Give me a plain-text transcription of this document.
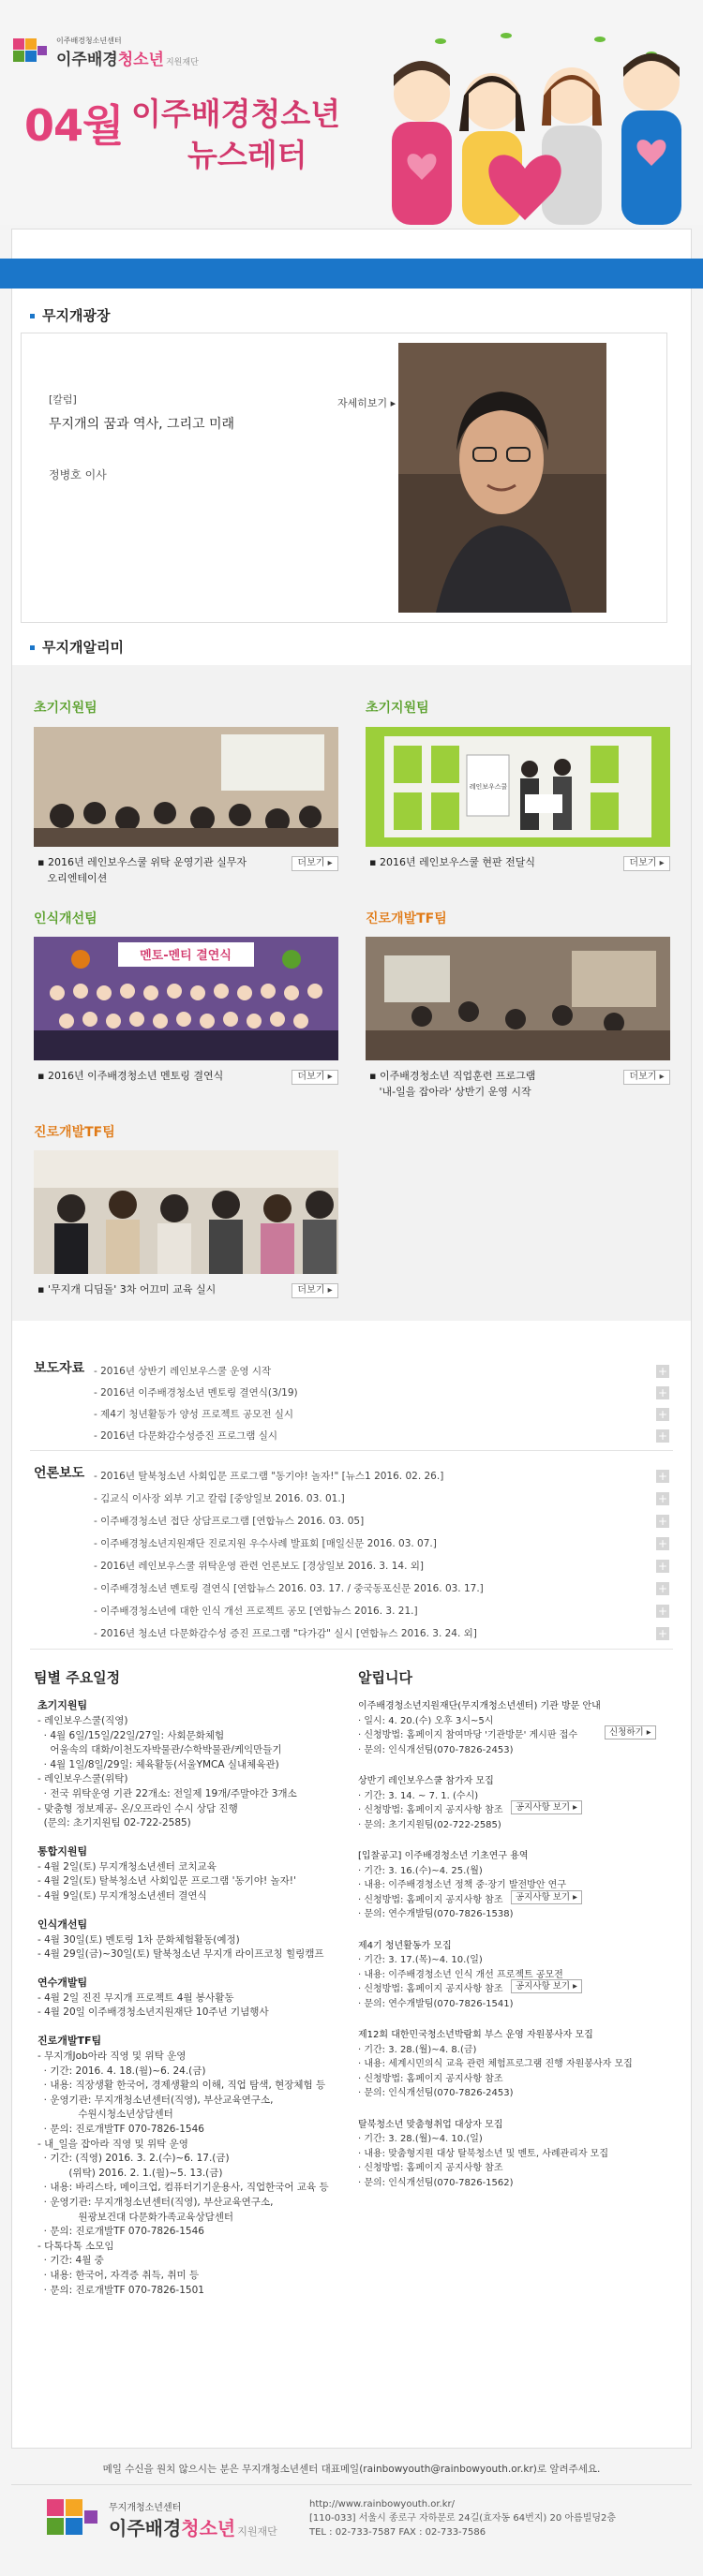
이주배경청소년센터
이주배경청소년 지원재단
04월 이주배경청소년
뉴스레터
무지개광장
[칼럼]
무지개의 꿈과 역사, 그리고 미래
정병호 이사
자세히보기 ▸
무지개알리미
초기지원팀
▪ 2016년 레인보우스쿨 위탁 운영기관 실무자
오리엔테이션
더보기 ▸
초기지원팀
레인보우스쿨
▪ 2016년 레인보우스쿨 현판 전달식	더보기 ▸
인식개선팀
멘토-멘티 결연식
▪ 2016년 이주배경청소년 멘토링 결연식	더보기 ▸
진로개발TF팀
▪ 이주배경청소년 직업훈련 프로그램
'내-일을 잡아라' 상반기 운영 시작
더보기 ▸
진로개발TF팀
▪ '무지개 디딤돌' 3차 어끄미 교육 실시	더보기 ▸
보도자료
언론보도
팀별 주요일정	알립니다
메일 수신을 원치 않으시는 분은 무지개청소년센터 대표메일(rainbowyouth@rainbowyouth.or.kr)로 알려주세요.
무지개청소년센터
이주배경청소년 지원재단
http://www.rainbowyouth.or.kr/
[110-033] 서울시 종로구 자하문로 24길(효자동 64번지) 20 아름빌딩2층
TEL : 02-733-7587 FAX : 02-733-7586
- 2016년 상반기 레인보우스쿨 운영 시작	+
- 2016년 이주배경청소년 멘토링 결연식(3/19)	+
- 제4기 청년활동가 양성 프로젝트 공모전 실시	+
- 2016년 다문화감수성증진 프로그램 실시	+
- 2016년 탈북청소년 사회입문 프로그램 "동기야! 놀자!" [뉴스1 2016. 02. 26.]	+
- 김교식 이사장 외부 기고 칼럼 [중앙일보 2016. 03. 01.]	+
- 이주배경청소년 접단 상담프로그램 [연합뉴스 2016. 03. 05]	+
- 이주배경청소년지원재단 진로지원 우수사례 발표회 [매일신문 2016. 03. 07.]	+
- 2016년 레인보우스쿨 위탁운영 관련 언론보도 [경상일보 2016. 3. 14. 외]	+
- 이주배경청소년 멘토링 결연식 [연합뉴스 2016. 03. 17. / 중국동포신문 2016. 03. 17.]	+
- 이주배경청소년에 대한 인식 개선 프로젝트 공모 [연합뉴스 2016. 3. 21.]	+
- 2016년 청소년 다문화감수성 증진 프로그램 "다가감" 실시 [연합뉴스 2016. 3. 24. 외]	+
초기지원팀
- 레인보우스쿨(직영)
· 4월 6일/15일/22일/27일: 사회문화체험
어울속의 대화/이천도자박물관/수학박물관/케익만들기
· 4월 1일/8일/29일: 체육활동(서울YMCA 실내체육관)
- 레인보우스쿨(위탁)
· 전국 위탁운영 기관 22개소: 전일제 19개/주말야간 3개소
- 맞춤형 정보제공- 온/오프라인 수시 상담 진행
(문의: 초기지원팀 02-722-2585)
통합지원팀
- 4월 2일(토) 무지개청소년센터 코치교육
- 4월 2일(토) 탈북청소년 사회입문 프로그램 '동기야! 놀자!'
- 4월 9일(토) 무지개청소년센터 결연식
인식개선팀
- 4월 30일(토) 멘토링 1차 문화체험활동(예정)
- 4월 29일(금)~30일(토) 탈북청소년 무지개 라이프코칭 힐링캠프
연수개발팀
- 4월 2일 진진 무지개 프로젝트 4월 봉사활동
- 4월 20일 이주배경청소년지원재단 10주년 기념행사
진로개발TF팀
- 무지개Job아라 직영 및 위탁 운영
· 기간: 2016. 4. 18.(월)~6. 24.(금)
· 내용: 직장생활 한국어, 경제생활의 이해, 직업 탐색, 현장체험 등
· 운영기관: 무지개청소년센터(직영), 부산교육연구소,
수원시청소년상담센터
· 문의: 진로개발TF 070-7826-1546
- 내_일을 잡아라 직영 및 위탁 운영
· 기간: (직영) 2016. 3. 2.(수)~6. 17.(금)
(위탁) 2016. 2. 1.(월)~5. 13.(금)
· 내용: 바리스타, 메이크업, 컴퓨터기기운용사, 직업한국어 교육 등
· 운영기관: 무지개청소년센터(직영), 부산교육연구소,
원광보건대 다문화가족교육상담센터
· 문의: 진로개발TF 070-7826-1546
- 다톡다톡 소모임
· 기간: 4월 중
· 내용: 한국어, 자격증 취득, 취미 등
· 문의: 진로개발TF 070-7826-1501
이주배경청소년지원재단(무지개청소년센터) 기관 방문 안내
· 일시: 4. 20.(수) 오후 3시~5시
· 신청방법: 홈페이지 참여마당 '기관방문' 게시판 접수	신청하기 ▸
· 문의: 인식개선팀(070-7826-2453)
상반기 레인보우스쿨 참가자 모집
· 기간: 3. 14. ~ 7. 1. (수시)
· 신청방법: 홈페이지 공지사항 참조	공지사항 보기 ▸
· 문의: 초기지원팀(02-722-2585)
[입찰공고] 이주배경청소년 기초연구 용역
· 기간: 3. 16.(수)~4. 25.(월)
· 내용: 이주배경청소년 정책 중·장기 발전방안 연구
· 신청방법: 홈페이지 공지사항 참조	공지사항 보기 ▸
· 문의: 연수개발팀(070-7826-1538)
제4기 청년활동가 모집
· 기간: 3. 17.(목)~4. 10.(일)
· 내용: 이주배경청소년 인식 개선 프로젝트 공모전
· 신청방법: 홈페이지 공지사항 참조	공지사항 보기 ▸
· 문의: 연수개발팀(070-7826-1541)
제12회 대한민국청소년박람회 부스 운영 자원봉사자 모집
· 기간: 3. 28.(월)~4. 8.(금)
· 내용: 세계시민의식 교육 관련 체험프로그램 진행 자원봉사자 모집
· 신청방법: 홈페이지 공지사항 참조
· 문의: 인식개선팀(070-7826-2453)
탈북청소년 맞춤형취업 대상자 모집
· 기간: 3. 28.(월)~4. 10.(일)
· 내용: 맞춤형지원 대상 탈북청소년 및 멘토, 사례관리자 모집
· 신청방법: 홈페이지 공지사항 참조
· 문의: 인식개선팀(070-7826-1562)
